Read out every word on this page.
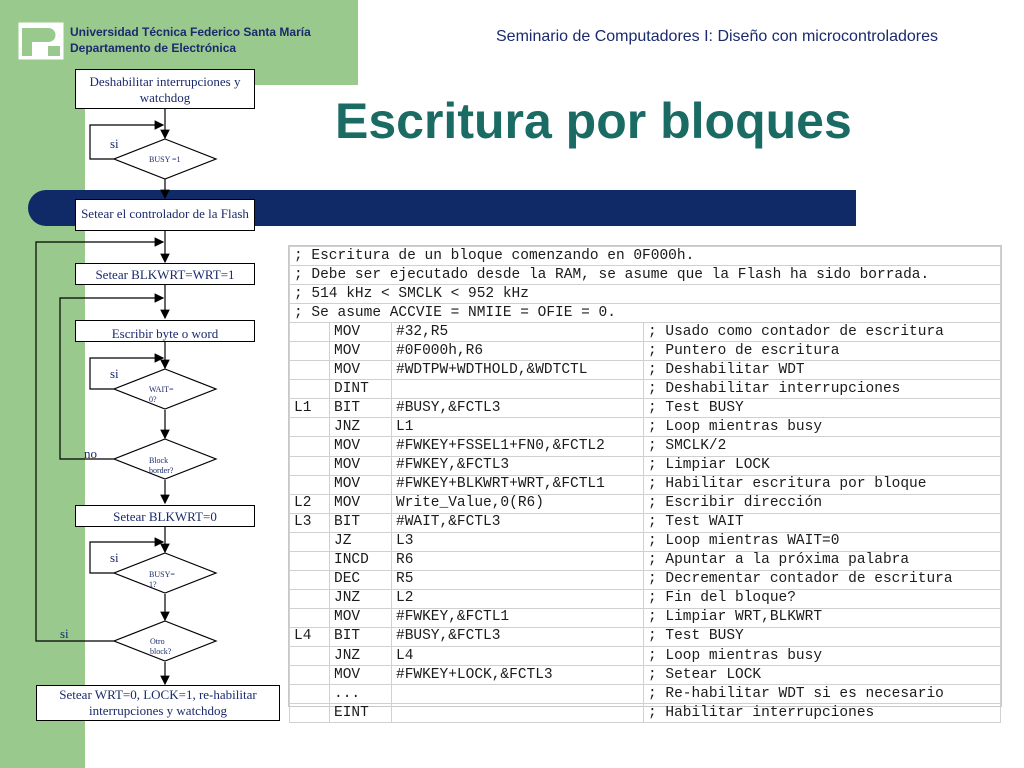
Universidad Técnica Federico Santa María
Departamento de Electrónica
Seminario de Computadores I: Diseño con microcontroladores
Escritura por bloques
Deshabilitar interrupciones y watchdog
Setear el controlador de la Flash
Setear BLKWRT=WRT=1
Escribir byte o word
Setear BLKWRT=0
Setear WRT=0, LOCK=1, re-habilitar interrupciones y watchdog
BUSY =1
WAIT= 0?
Block border?
BUSY= 1?
Otro block?
si
si
no
si
si
; Escritura de un bloque comenzando en 0F000h.			
; Debe ser ejecutado desde la RAM, se asume que la Flash ha sido borrada.			
; 514 kHz < SMCLK < 952 kHz			
; Se asume ACCVIE = NMIIE = OFIE = 0.			
	MOV	#32,R5	; Usado como contador de escritura
	MOV	#0F000h,R6	; Puntero de escritura
	MOV	#WDTPW+WDTHOLD,&WDTCTL	; Deshabilitar WDT
	DINT		; Deshabilitar interrupciones
L1	BIT	#BUSY,&FCTL3	; Test BUSY
	JNZ	L1	; Loop mientras busy
	MOV	#FWKEY+FSSEL1+FN0,&FCTL2	; SMCLK/2
	MOV	#FWKEY,&FCTL3	; Limpiar LOCK
	MOV	#FWKEY+BLKWRT+WRT,&FCTL1	; Habilitar escritura por bloque
L2	MOV	Write_Value,0(R6)	; Escribir dirección
L3	BIT	#WAIT,&FCTL3	; Test WAIT
	JZ	L3	; Loop mientras WAIT=0
	INCD	R6	; Apuntar a la próxima palabra
	DEC	R5	; Decrementar contador de escritura
	JNZ	L2	; Fin del bloque?
	MOV	#FWKEY,&FCTL1	; Limpiar WRT,BLKWRT
L4	BIT	#BUSY,&FCTL3	; Test BUSY
	JNZ	L4	; Loop mientras busy
	MOV	#FWKEY+LOCK,&FCTL3	; Setear LOCK
	...		; Re-habilitar WDT si es necesario
	EINT		; Habilitar interrupciones
